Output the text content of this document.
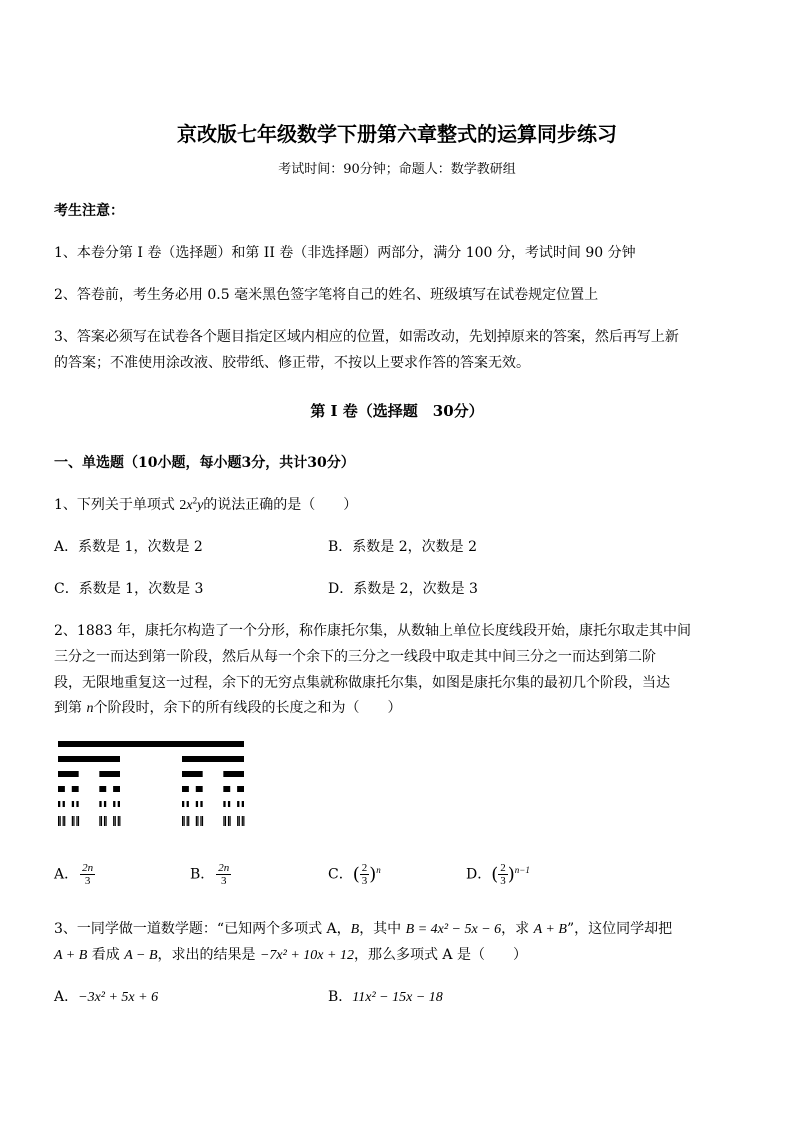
京改版七年级数学下册第六章整式的运算同步练习
考试时间：90分钟；命题人：数学教研组
考生注意：
1、本卷分第 I 卷（选择题）和第 II 卷（非选择题）两部分，满分 100 分，考试时间 90 分钟
2、答卷前，考生务必用 0.5 毫米黑色签字笔将自己的姓名、班级填写在试卷规定位置上
3、答案必须写在试卷各个题目指定区域内相应的位置，如需改动，先划掉原来的答案，然后再写上新
的答案；不准使用涂改液、胶带纸、修正带，不按以上要求作答的答案无效。
第 I 卷（选择题　30分）
一、单选题（10小题，每小题3分，共计30分）
1、下列关于单项式 $2x^2y$的说法正确的是（　　）
A．系数是 1，次数是 2	B．系数是 2，次数是 2
C．系数是 1，次数是 3	D．系数是 2，次数是 3
2、1883 年，康托尔构造了一个分形，称作康托尔集，从数轴上单位长度线段开始，康托尔取走其中间
三分之一而达到第一阶段，然后从每一个余下的三分之一线段中取走其中间三分之一而达到第二阶
段，无限地重复这一过程，余下的无穷点集就称做康托尔集，如图是康托尔集的最初几个阶段，当达
到第 n个阶段时，余下的所有线段的长度之和为（　　）
A． $\frac{2n}{3}$	B． $\frac{2n}{3}$	C．( $\frac{2}{3} )^n$	D．( $\frac{2}{3} )^{n-1}$
3、一同学做一道数学题：“已知两个多项式 A，B，其中 B = 4x² − 5x − 6，求 A + B”，这位同学却把
A + B 看成 A − B，求出的结果是 −7x² + 10x + 12，那么多项式 A 是（　　）
A．−3x² + 5x + 6	B．11x² − 15x − 18
